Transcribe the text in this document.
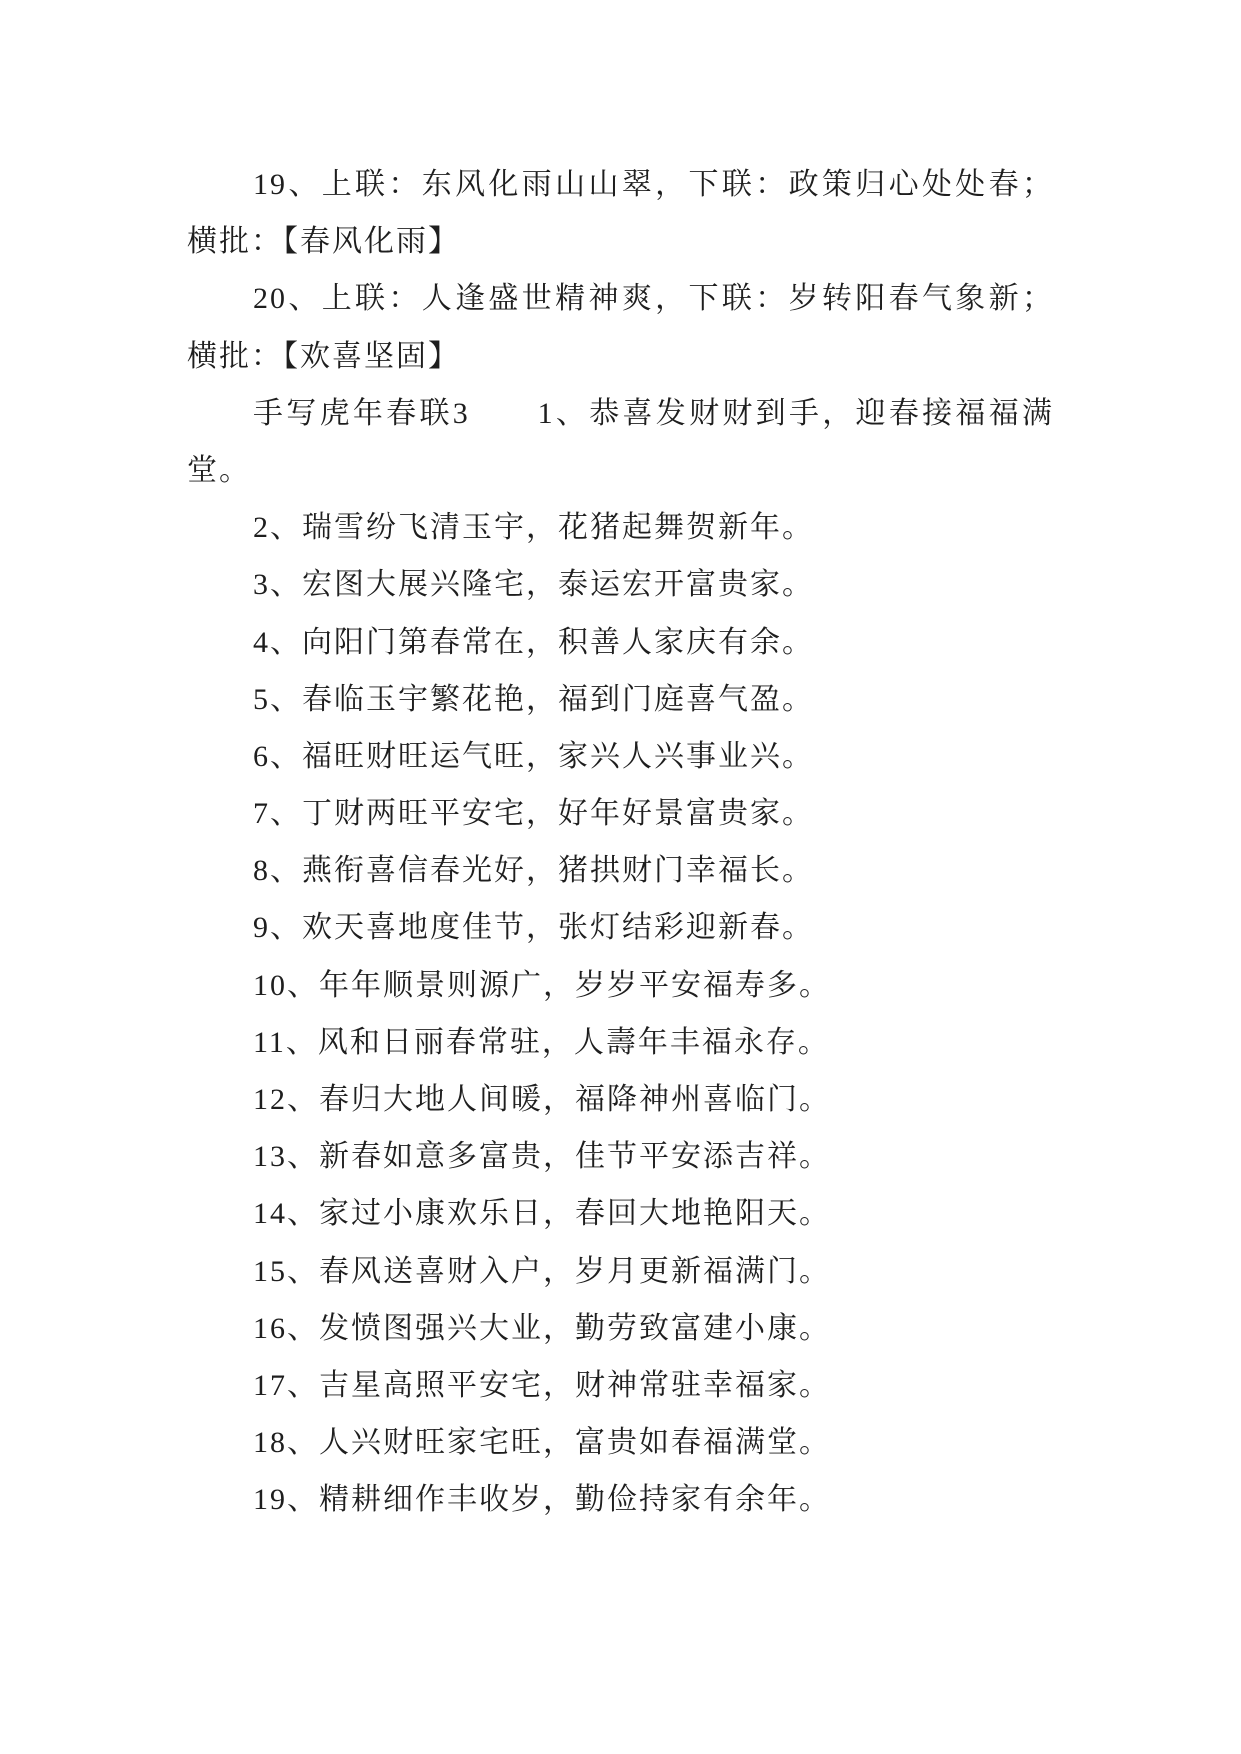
19、上联：东风化雨山山翠，下联：政策归心处处春；
横批：【春风化雨】
20、上联：人逢盛世精神爽，下联：岁转阳春气象新；
横批：【欢喜坚固】
手写虎年春联3　　1、恭喜发财财到手，迎春接福福满
堂。
2、瑞雪纷飞清玉宇，花猪起舞贺新年。
3、宏图大展兴隆宅，泰运宏开富贵家。
4、向阳门第春常在，积善人家庆有余。
5、春临玉宇繁花艳，福到门庭喜气盈。
6、福旺财旺运气旺，家兴人兴事业兴。
7、丁财两旺平安宅，好年好景富贵家。
8、燕衔喜信春光好，猪拱财门幸福长。
9、欢天喜地度佳节，张灯结彩迎新春。
10、年年顺景则源广，岁岁平安福寿多。
11、风和日丽春常驻，人壽年丰福永存。
12、春归大地人间暖，福降神州喜临门。
13、新春如意多富贵，佳节平安添吉祥。
14、家过小康欢乐日，春回大地艳阳天。
15、春风送喜财入户，岁月更新福满门。
16、发愤图强兴大业，勤劳致富建小康。
17、吉星高照平安宅，财神常驻幸福家。
18、人兴财旺家宅旺，富贵如春福满堂。
19、精耕细作丰收岁，勤俭持家有余年。
